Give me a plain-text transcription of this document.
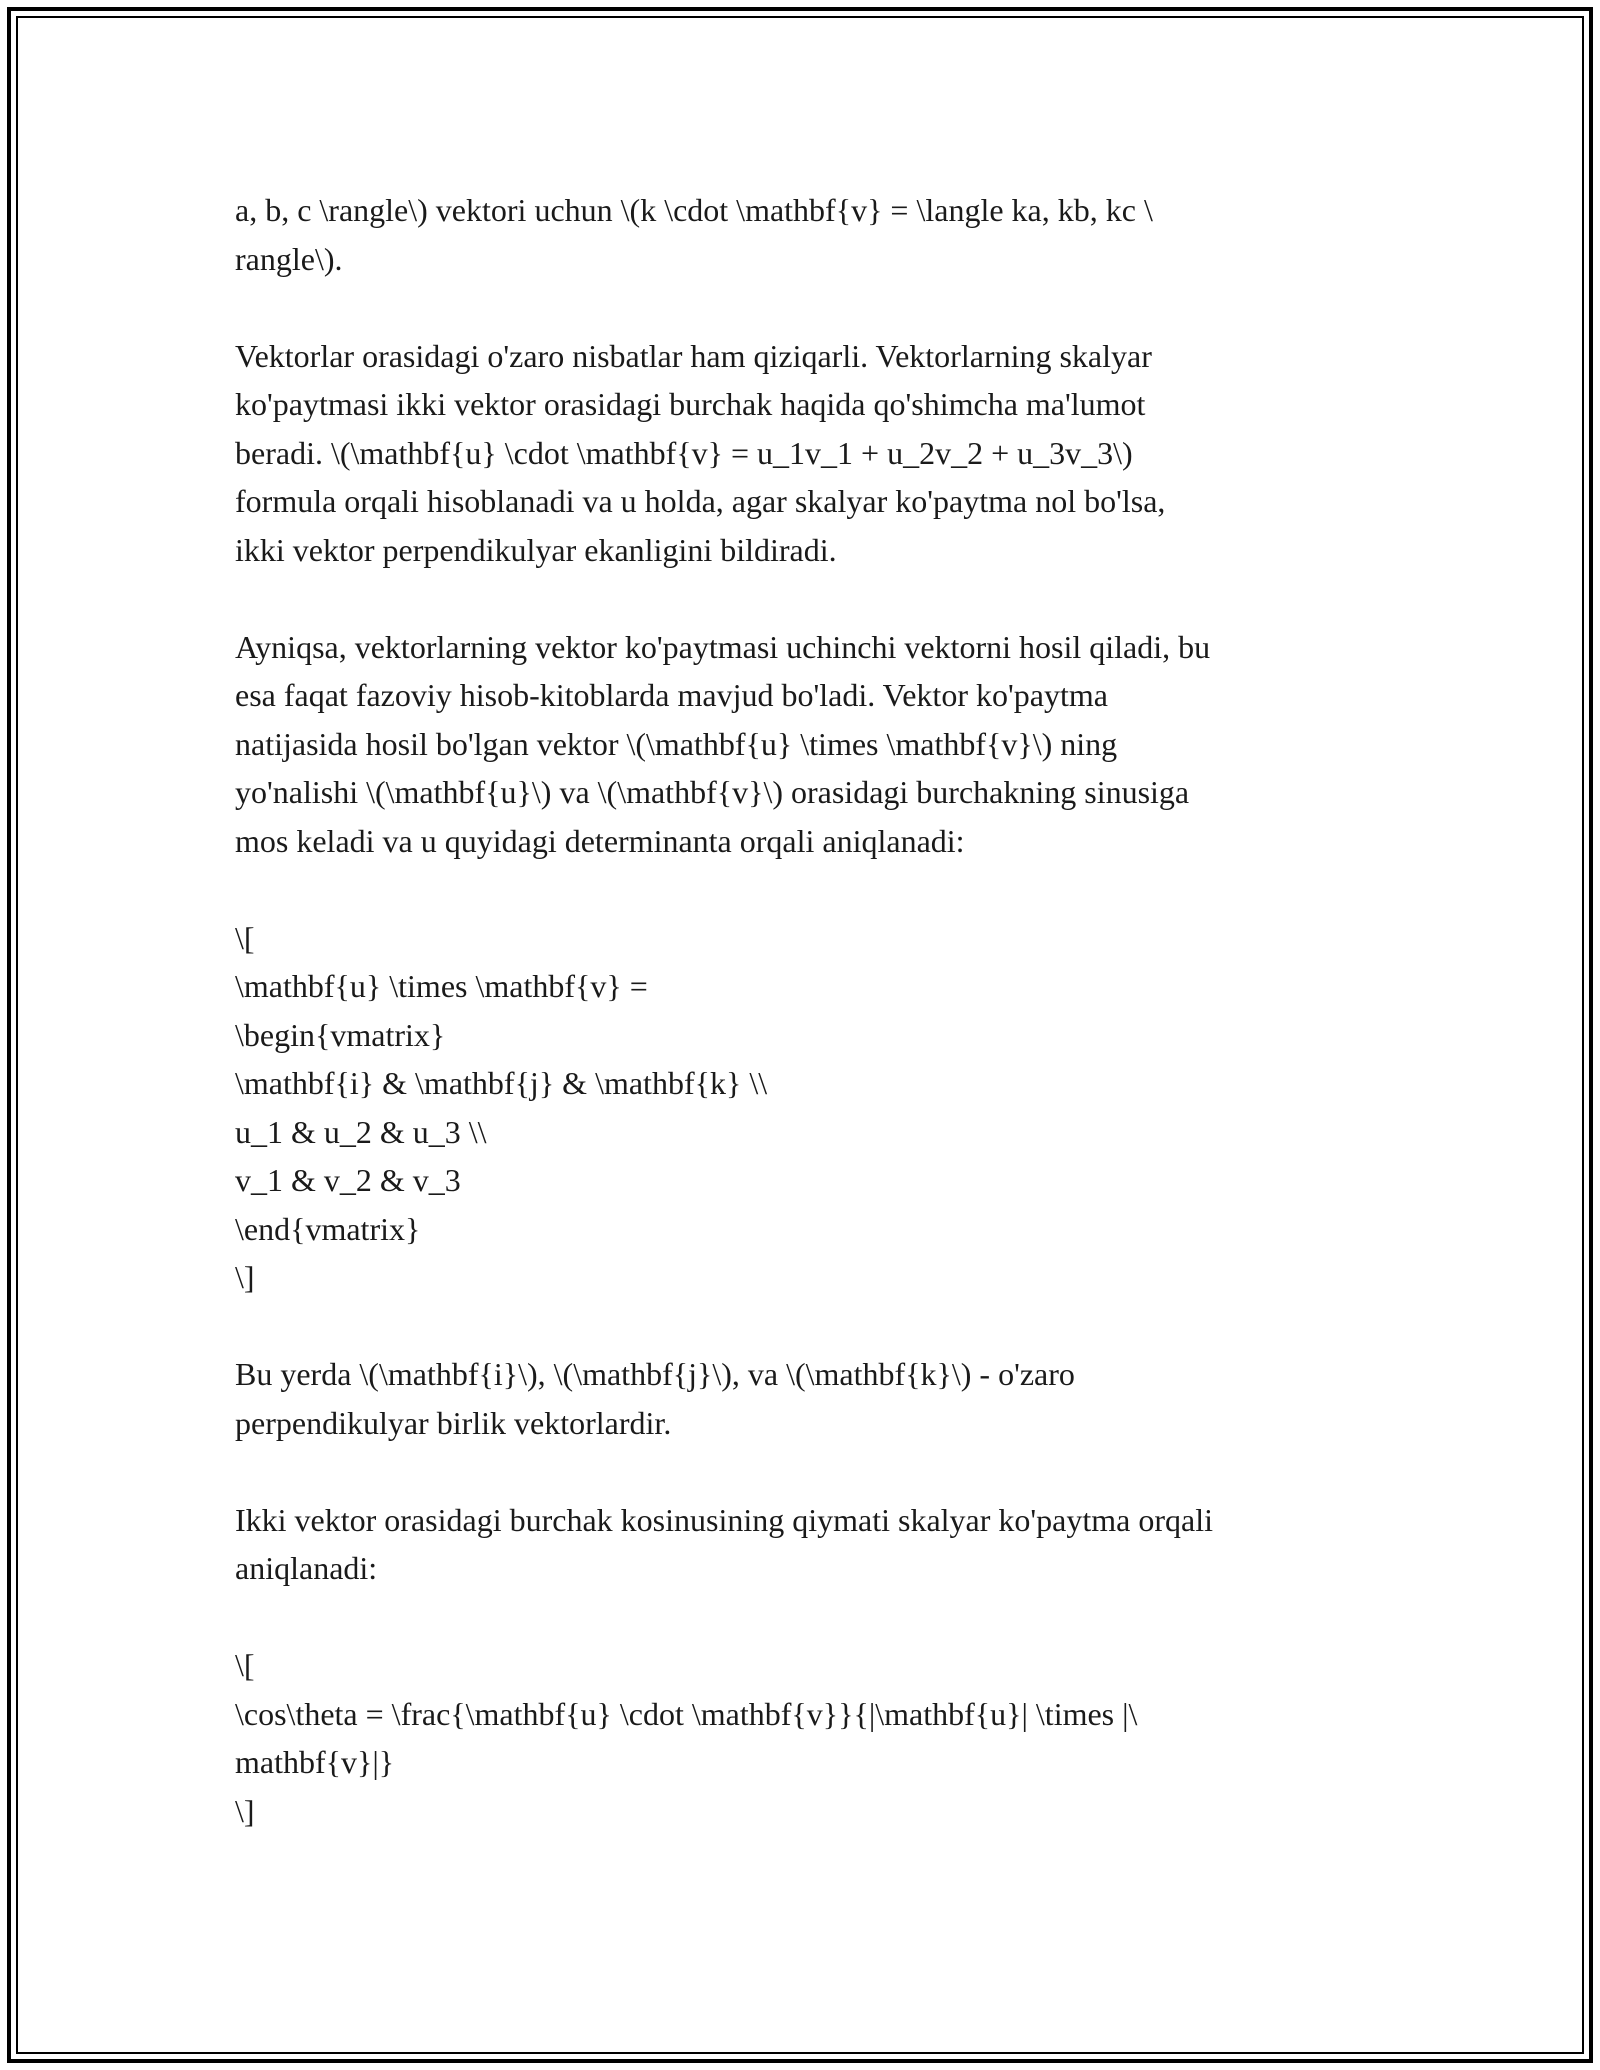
a, b, c \rangle\) vektori uchun \(k \cdot \mathbf{v} = \langle ka, kb, kc \
rangle\).
Vektorlar orasidagi o'zaro nisbatlar ham qiziqarli. Vektorlarning skalyar
ko'paytmasi ikki vektor orasidagi burchak haqida qo'shimcha ma'lumot
beradi. \(\mathbf{u} \cdot \mathbf{v} = u_1v_1 + u_2v_2 + u_3v_3\)
formula orqali hisoblanadi va u holda, agar skalyar ko'paytma nol bo'lsa,
ikki vektor perpendikulyar ekanligini bildiradi.
Ayniqsa, vektorlarning vektor ko'paytmasi uchinchi vektorni hosil qiladi, bu
esa faqat fazoviy hisob-kitoblarda mavjud bo'ladi. Vektor ko'paytma
natijasida hosil bo'lgan vektor \(\mathbf{u} \times \mathbf{v}\) ning
yo'nalishi \(\mathbf{u}\) va \(\mathbf{v}\) orasidagi burchakning sinusiga
mos keladi va u quyidagi determinanta orqali aniqlanadi:
\[
\mathbf{u} \times \mathbf{v} =
\begin{vmatrix}
\mathbf{i} & \mathbf{j} & \mathbf{k} \\
u_1 & u_2 & u_3 \\
v_1 & v_2 & v_3
\end{vmatrix}
\]
Bu yerda \(\mathbf{i}\), \(\mathbf{j}\), va \(\mathbf{k}\) - o'zaro
perpendikulyar birlik vektorlardir.
Ikki vektor orasidagi burchak kosinusining qiymati skalyar ko'paytma orqali
aniqlanadi:
\[
\cos\theta = \frac{\mathbf{u} \cdot \mathbf{v}}{|\mathbf{u}| \times |\
mathbf{v}|}
\]
